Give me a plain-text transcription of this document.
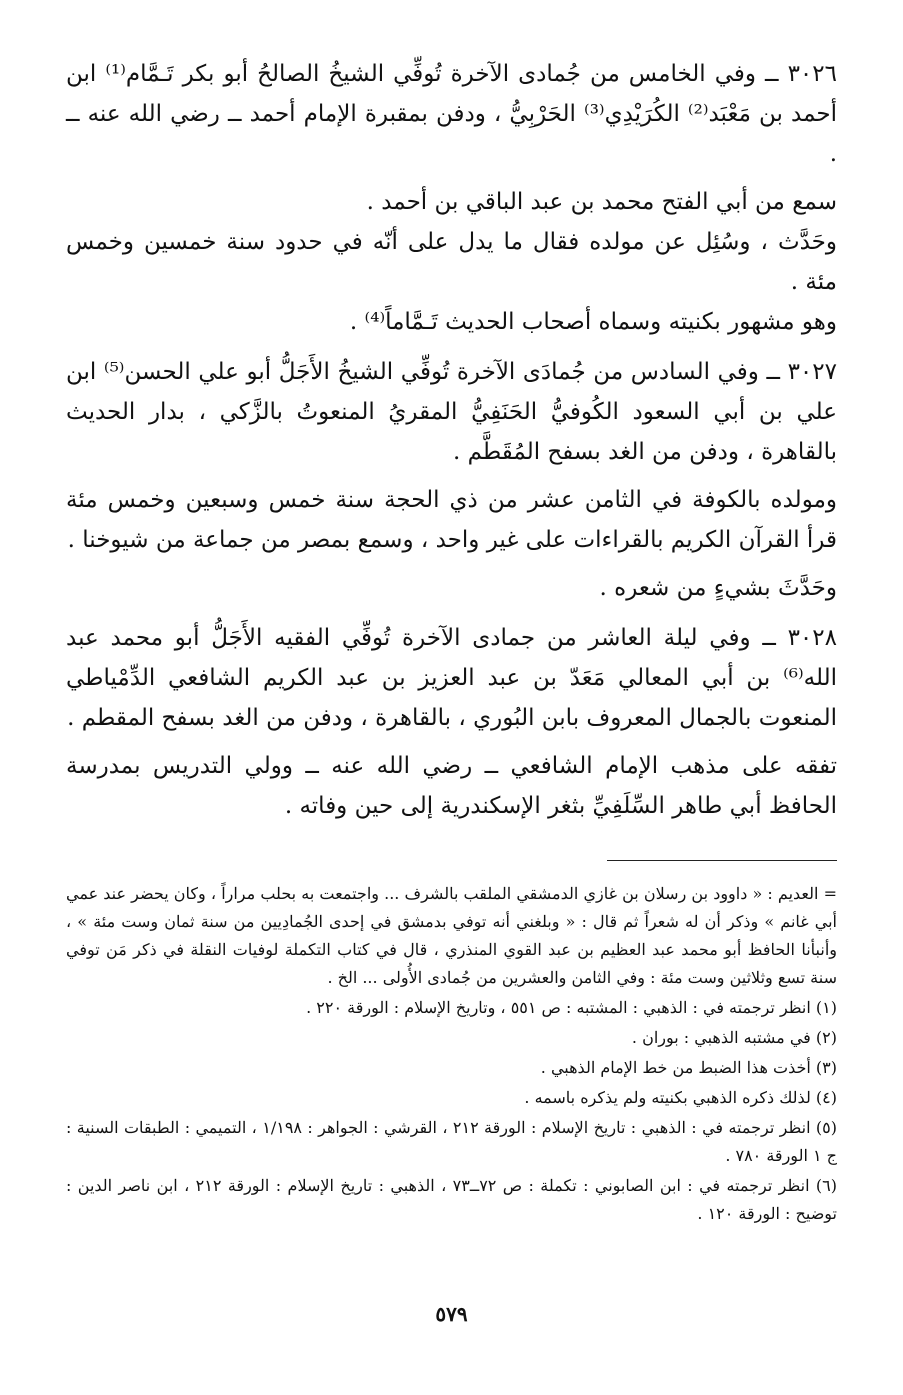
٣٠٢٦ ــ وفي الخامس من جُمادى الآخرة تُوفِّي الشيخُ الصالحُ أبو بكر تَـمَّام⁽¹⁾ ابن أحمد بن مَعْبَد⁽²⁾ الكُرَيْدِي⁽³⁾ الحَرْبِيُّ ، ودفن بمقبرة الإمام أحمد ــ رضي الله عنه ــ .

سمع من أبي الفتح محمد بن عبد الباقي بن أحمد .

وحَدَّث ، وسُئِل عن مولده فقال ما يدل على أنّه في حدود سنة خمسين وخمس مئة .

وهو مشهور بكنيته وسماه أصحاب الحديث تَـمَّاماً⁽⁴⁾ .

٣٠٢٧ ــ وفي السادس من جُمادَى الآخرة تُوفِّي الشيخُ الأَجَلُّ أبو علي الحسن⁽⁵⁾ ابن علي بن أبي السعود الكُوفيُّ الحَنَفِيُّ المقريُ المنعوتُ بالزَّكي ، بدار الحديث بالقاهرة ، ودفن من الغد بسفح المُقَطَّم .

ومولده بالكوفة في الثامن عشر من ذي الحجة سنة خمس وسبعين وخمس مئة قرأ القرآن الكريم بالقراءات على غير واحد ، وسمع بمصر من جماعة من شيوخنا .

وحَدَّثَ بشيءٍ من شعره .

٣٠٢٨ ــ وفي ليلة العاشر من جمادى الآخرة تُوفِّي الفقيه الأَجَلُّ أبو محمد عبد الله⁽⁶⁾ بن أبي المعالي مَعَدّ بن عبد العزيز بن عبد الكريم الشافعي الدِّمْياطي المنعوت بالجمال المعروف بابن البُوري ، بالقاهرة ، ودفن من الغد بسفح المقطم .

تفقه على مذهب الإمام الشافعي ــ رضي الله عنه ــ وولي التدريس بمدرسة الحافظ أبي طاهر السِّلَفِيِّ بثغر الإسكندرية إلى حين وفاته .

= العديم : « داوود بن رسلان بن غازي الدمشقي الملقب بالشرف ... واجتمعت به بحلب مراراً ، وكان يحضر عند عمي أبي غانم » وذكر أن له شعراً ثم قال : « وبلغني أنه توفي بدمشق في إحدى الجُمادِيين من سنة ثمان وست مئة » ، وأنبأنا الحافظ أبو محمد عبد العظيم بن عبد القوي المنذري ، قال في كتاب التكملة لوفيات النقلة في ذكر مَن توفي سنة تسع وثلاثين وست مئة : وفي الثامن والعشرين من جُمادى الأُولى ... الخ .

(١) انظر ترجمته في : الذهبي : المشتبه : ص ٥٥١ ، وتاريخ الإسلام : الورقة ٢٢٠ .

(٢) في مشتبه الذهبي : بوران .

(٣) أخذت هذا الضبط من خط الإمام الذهبي .

(٤) لذلك ذكره الذهبي بكنيته ولم يذكره باسمه .

(٥) انظر ترجمته في : الذهبي : تاريخ الإسلام : الورقة ٢١٢ ، القرشي : الجواهر : ١/١٩٨ ، التميمي : الطبقات السنية : ج ١ الورقة ٧٨٠ .

(٦) انظر ترجمته في : ابن الصابوني : تكملة : ص ٧٢ــ٧٣ ، الذهبي : تاريخ الإسلام : الورقة ٢١٢ ، ابن ناصر الدين : توضيح : الورقة ١٢٠ .

٥٧٩
